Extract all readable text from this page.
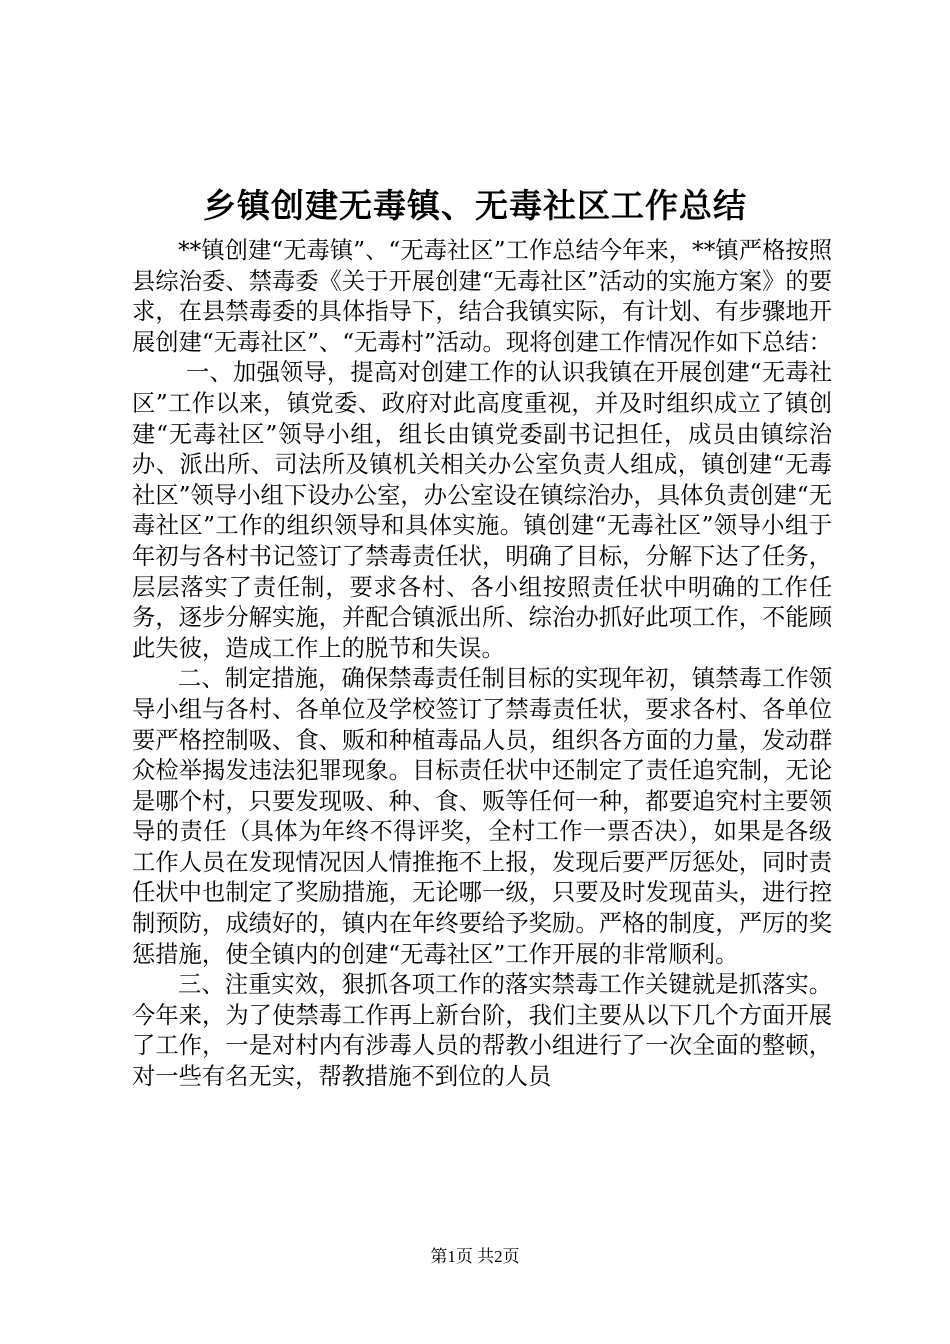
乡镇创建无毒镇、无毒社区工作总结

**镇创建“无毒镇”、“无毒社区”工作总结今年来，**镇严格按照县综治委、禁毒委《关于开展创建“无毒社区”活动的实施方案》的要求，在县禁毒委的具体指导下，结合我镇实际，有计划、有步骤地开展创建“无毒社区”、“无毒村”活动。现将创建工作情况作如下总结：

一、加强领导，提高对创建工作的认识我镇在开展创建“无毒社区”工作以来，镇党委、政府对此高度重视，并及时组织成立了镇创建“无毒社区”领导小组，组长由镇党委副书记担任，成员由镇综治办、派出所、司法所及镇机关相关办公室负责人组成，镇创建“无毒社区”领导小组下设办公室，办公室设在镇综治办，具体负责创建“无毒社区”工作的组织领导和具体实施。镇创建“无毒社区”领导小组于年初与各村书记签订了禁毒责任状，明确了目标，分解下达了任务，层层落实了责任制，要求各村、各小组按照责任状中明确的工作任务，逐步分解实施，并配合镇派出所、综治办抓好此项工作，不能顾此失彼，造成工作上的脱节和失误。

二、制定措施，确保禁毒责任制目标的实现年初，镇禁毒工作领导小组与各村、各单位及学校签订了禁毒责任状，要求各村、各单位要严格控制吸、食、贩和种植毒品人员，组织各方面的力量，发动群众检举揭发违法犯罪现象。目标责任状中还制定了责任追究制，无论是哪个村，只要发现吸、种、食、贩等任何一种，都要追究村主要领导的责任（具体为年终不得评奖，全村工作一票否决），如果是各级工作人员在发现情况因人情推拖不上报，发现后要严厉惩处，同时责任状中也制定了奖励措施，无论哪一级，只要及时发现苗头，进行控制预防，成绩好的，镇内在年终要给予奖励。严格的制度，严厉的奖惩措施，使全镇内的创建“无毒社区”工作开展的非常顺利。

三、注重实效，狠抓各项工作的落实禁毒工作关键就是抓落实。今年来，为了使禁毒工作再上新台阶，我们主要从以下几个方面开展了工作，一是对村内有涉毒人员的帮教小组进行了一次全面的整顿，对一些有名无实，帮教措施不到位的人员

第1页 共2页
